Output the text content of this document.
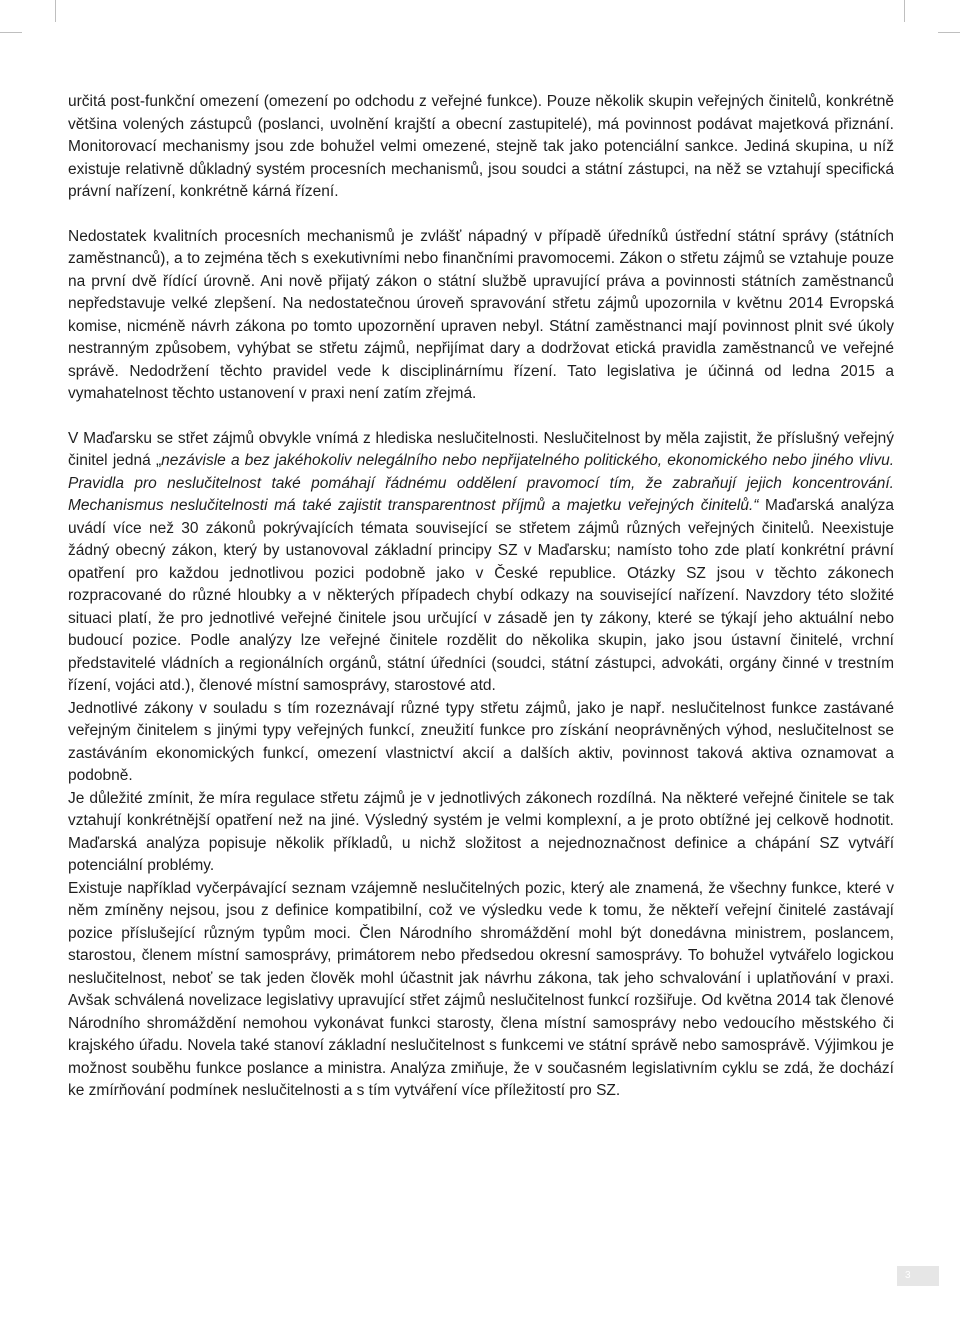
určitá post-funkční omezení (omezení po odchodu z veřejné funkce). Pouze několik skupin veřejných činitelů, konkrétně většina volených zástupců (poslanci, uvolnění krajští a obecní zastupitelé), má povinnost podávat majetková přiznání. Monitorovací mechanismy jsou zde bohužel velmi omezené, stejně tak jako potenciální sankce. Jediná skupina, u níž existuje relativně důkladný systém procesních mechanismů, jsou soudci a státní zástupci, na něž se vztahují specifická právní nařízení, konkrétně kárná řízení.

Nedostatek kvalitních procesních mechanismů je zvlášť nápadný v případě úředníků ústřední státní správy (státních zaměstnanců), a to zejména těch s exekutivními nebo finančními pravomocemi. Zákon o střetu zájmů se vztahuje pouze na první dvě řídící úrovně. Ani nově přijatý zákon o státní službě upravující práva a povinnosti státních zaměstnanců nepředstavuje velké zlepšení. Na nedostatečnou úroveň spravování střetu zájmů upozornila v květnu 2014 Evropská komise, nicméně návrh zákona po tomto upozornění upraven nebyl. Státní zaměstnanci mají povinnost plnit své úkoly nestranným způsobem, vyhýbat se střetu zájmů, nepřijímat dary a dodržovat etická pravidla zaměstnanců ve veřejné správě. Nedodržení těchto pravidel vede k disciplinárnímu řízení. Tato legislativa je účinná od ledna 2015 a vymahatelnost těchto ustanovení v praxi není zatím zřejmá.

V Maďarsku se střet zájmů obvykle vnímá z hlediska neslučitelnosti. Neslučitelnost by měla zajistit, že příslušný veřejný činitel jedná „nezávisle a bez jakéhokoliv nelegálního nebo nepřijatelného politického, ekonomického nebo jiného vlivu. Pravidla pro neslučitelnost také pomáhají řádnému oddělení pravomocí tím, že zabraňují jejich koncentrování. Mechanismus neslučitelnosti má také zajistit transparentnost příjmů a majetku veřejných činitelů.“ Maďarská analýza uvádí více než 30 zákonů pokrývajících témata související se střetem zájmů různých veřejných činitelů. Neexistuje žádný obecný zákon, který by ustanovoval základní principy SZ v Maďarsku; namísto toho zde platí konkrétní právní opatření pro každou jednotlivou pozici podobně jako v České republice. Otázky SZ jsou v těchto zákonech rozpracované do různé hloubky a v některých případech chybí odkazy na související nařízení. Navzdory této složité situaci platí, že pro jednotlivé veřejné činitele jsou určující v zásadě jen ty zákony, které se týkají jeho aktuální nebo budoucí pozice. Podle analýzy lze veřejné činitele rozdělit do několika skupin, jako jsou ústavní činitelé, vrchní představitelé vládních a regionálních orgánů, státní úředníci (soudci, státní zástupci, advokáti, orgány činné v trestním řízení, vojáci atd.), členové místní samosprávy, starostové atd.

Jednotlivé zákony v souladu s tím rozeznávají různé typy střetu zájmů, jako je např. neslučitelnost funkce zastávané veřejným činitelem s jinými typy veřejných funkcí, zneužití funkce pro získání neoprávněných výhod, neslučitelnost se zastáváním ekonomických funkcí, omezení vlastnictví akcií a dalších aktiv, povinnost taková aktiva oznamovat a podobně.

Je důležité zmínit, že míra regulace střetu zájmů je v jednotlivých zákonech rozdílná. Na některé veřejné činitele se tak vztahují konkrétnější opatření než na jiné. Výsledný systém je velmi komplexní, a je proto obtížné jej celkově hodnotit. Maďarská analýza popisuje několik příkladů, u nichž složitost a nejednoznačnost definice a chápání SZ vytváří potenciální problémy.

Existuje například vyčerpávající seznam vzájemně neslučitelných pozic, který ale znamená, že všechny funkce, které v něm zmíněny nejsou, jsou z definice kompatibilní, což ve výsledku vede k tomu, že někteří veřejní činitelé zastávají pozice příslušející různým typům moci. Člen Národního shromáždění mohl být donedávna ministrem, poslancem, starostou, členem místní samosprávy, primátorem nebo předsedou okresní samosprávy. To bohužel vytvářelo logickou neslučitelnost, neboť se tak jeden člověk mohl účastnit jak návrhu zákona, tak jeho schvalování i uplatňování v praxi. Avšak schválená novelizace legislativy upravující střet zájmů neslučitelnost funkcí rozšiřuje. Od května 2014 tak členové Národního shromáždění nemohou vykonávat funkci starosty, člena místní samosprávy nebo vedoucího městského či krajského úřadu. Novela také stanoví základní neslučitelnost s funkcemi ve státní správě nebo samosprávě. Výjimkou je možnost souběhu funkce poslance a ministra. Analýza zmiňuje, že v současném legislativním cyklu se zdá, že dochází ke zmírňování podmínek neslučitelnosti a s tím vytváření více příležitostí pro SZ.

3
